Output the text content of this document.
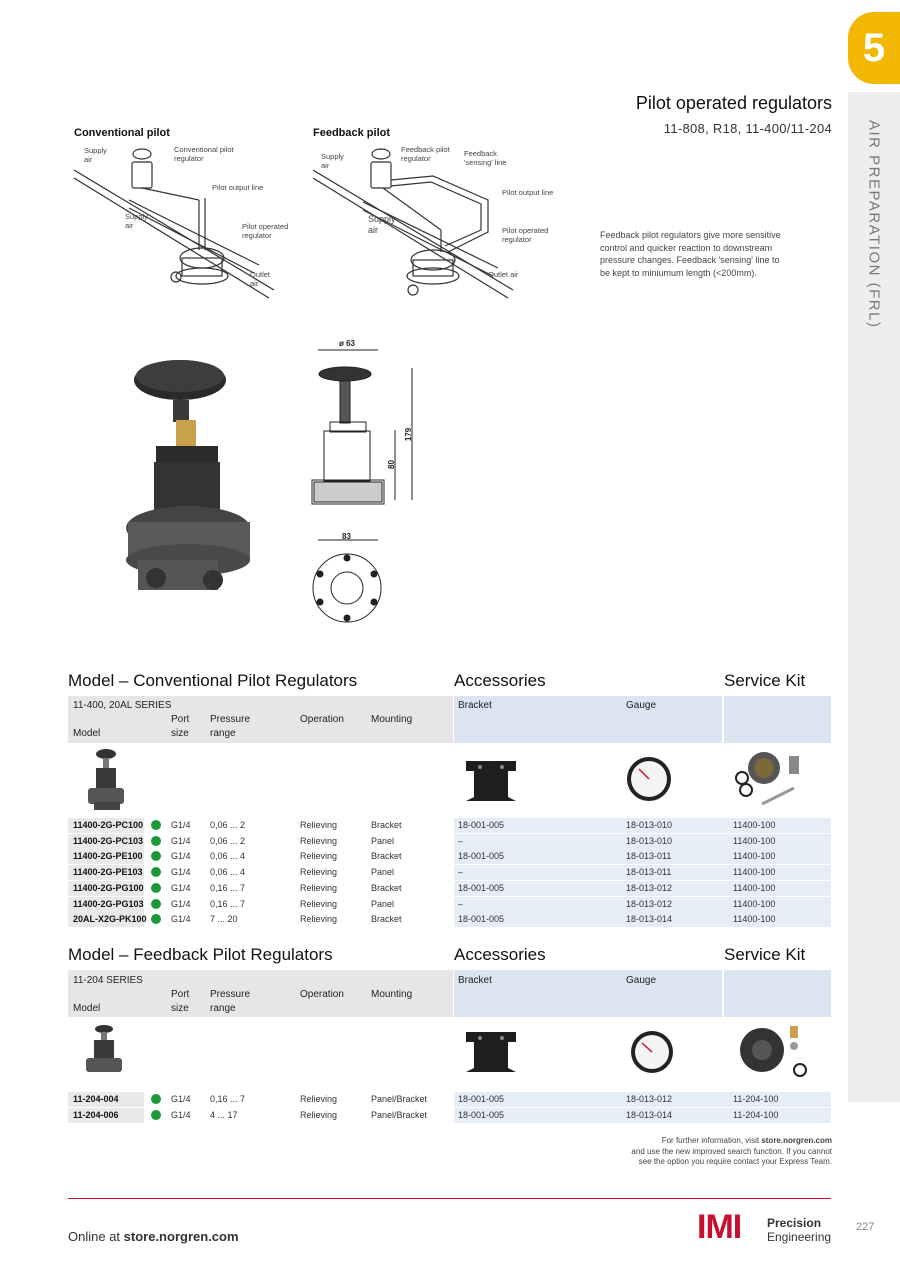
5
AIR PREPARATION (FRL)
Pilot operated regulators
11-808, R18, 11-400/11-204
Conventional pilot
Supply air
Conventional pilot regulator
Pilot output line
Supply air	Pilot operated regulator
Outlet air
Feedback pilot
Supply air
Feedback pilot regulator
Feedback 'sensing' line
Pilot output line
Supply air	Pilot operated regulator
Outlet air
Feedback pilot regulators give more sensitive control and quicker reaction to downstream pressure changes. Feedback 'sensing' line to be kept to miniumum length (<200mm).
ø 63
179
80
83
Model – Conventional Pilot Regulators	Accessories	Service Kit
11-400, 20AL SERIES
Model
Port
size
Pressure
range
Operation	Mounting
Bracket	Gauge
11400-2G-PC100	G1/4 0,06 ... 2	Relieving	Bracket	18-001-005	18-013-010	11400-100
11400-2G-PC103	G1/4 0,06 ... 2	Relieving	Panel	–	18-013-010	11400-100
11400-2G-PE100	G1/4 0,06 ... 4	Relieving	Bracket	18-001-005	18-013-011	11400-100
11400-2G-PE103	G1/4 0,06 ... 4	Relieving	Panel	–	18-013-011	11400-100
11400-2G-PG100	G1/4 0,16 ... 7	Relieving	Bracket	18-001-005	18-013-012	11400-100
11400-2G-PG103	G1/4 0,16 ... 7	Relieving	Panel	–	18-013-012	11400-100
20AL-X2G-PK100	G1/4 7 ... 20	Relieving	Bracket	18-001-005	18-013-014	11400-100
Model – Feedback Pilot Regulators	Accessories	Service Kit
11-204 SERIES
Model
Port
size
Pressure
range
Operation	Mounting
Bracket	Gauge
11-204-004	G1/4 0,16 ... 7	Relieving	Panel/Bracket	18-001-005	18-013-012	11-204-100
11-204-006	G1/4 4 ... 17	Relieving	Panel/Bracket	18-001-005	18-013-014	11-204-100
For further information, visit store.norgren.com
and use the new improved search function. If you cannot
see the option you require contact your Express Team.
Online at store.norgren.com	IMI Precision
Engineering
227
